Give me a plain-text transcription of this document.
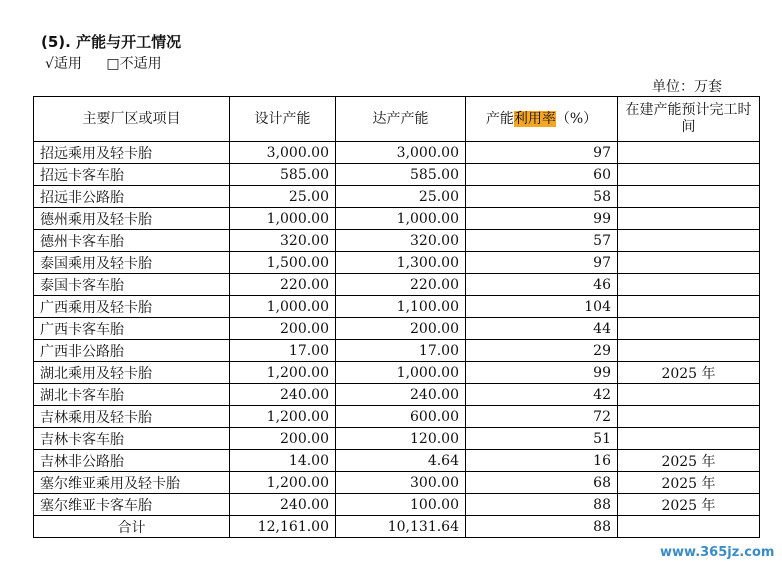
(5). 产能与开工情况
√适用 □不适用
单位：万套
主要厂区或项目	设计产能	达产产能	产能利用率（%）	在建产能预计完工时间
招远乘用及轻卡胎	3,000.00	3,000.00	97	
招远卡客车胎	585.00	585.00	60	
招远非公路胎	25.00	25.00	58	
德州乘用及轻卡胎	1,000.00	1,000.00	99	
德州卡客车胎	320.00	320.00	57	
泰国乘用及轻卡胎	1,500.00	1,300.00	97	
泰国卡客车胎	220.00	220.00	46	
广西乘用及轻卡胎	1,000.00	1,100.00	104	
广西卡客车胎	200.00	200.00	44	
广西非公路胎	17.00	17.00	29	
湖北乘用及轻卡胎	1,200.00	1,000.00	99	2025 年
湖北卡客车胎	240.00	240.00	42	
吉林乘用及轻卡胎	1,200.00	600.00	72	
吉林卡客车胎	200.00	120.00	51	
吉林非公路胎	14.00	4.64	16	2025 年
塞尔维亚乘用及轻卡胎	1,200.00	300.00	68	2025 年
塞尔维亚卡客车胎	240.00	100.00	88	2025 年
合计	12,161.00	10,131.64	88	
www.365jz.com
